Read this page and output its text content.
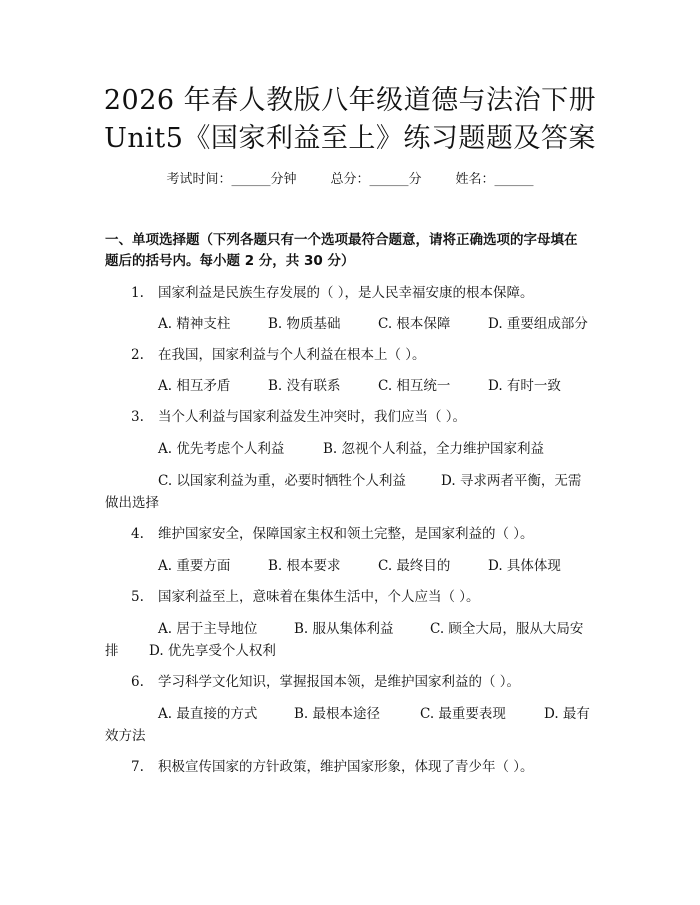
2026 年春人教版八年级道德与法治下册
Unit5《国家利益至上》练习题题及答案
考试时间：______分钟	总分：______分	姓名：______
一、单项选择题（下列各题只有一个选项最符合题意，请将正确选项的字母填在
题后的括号内。每小题 2 分，共 30 分）
1. 国家利益是民族生存发展的（ ），是人民幸福安康的根本保障。
A. 精神支柱	B. 物质基础	C. 根本保障	D. 重要组成部分
2. 在我国，国家利益与个人利益在根本上（ ）。
A. 相互矛盾	B. 没有联系	C. 相互统一	D. 有时一致
3. 当个人利益与国家利益发生冲突时，我们应当（ ）。
A. 优先考虑个人利益	B. 忽视个人利益，全力维护国家利益
C. 以国家利益为重，必要时牺牲个人利益	D. 寻求两者平衡，无需
做出选择
4. 维护国家安全，保障国家主权和领土完整，是国家利益的（ ）。
A. 重要方面	B. 根本要求	C. 最终目的	D. 具体体现
5. 国家利益至上，意味着在集体生活中，个人应当（ ）。
A. 居于主导地位	B. 服从集体利益	C. 顾全大局，服从大局安
排 D. 优先享受个人权利
6. 学习科学文化知识，掌握报国本领，是维护国家利益的（ ）。
A. 最直接的方式	B. 最根本途径	C. 最重要表现	D. 最有
效方法
7. 积极宣传国家的方针政策，维护国家形象，体现了青少年（ ）。
